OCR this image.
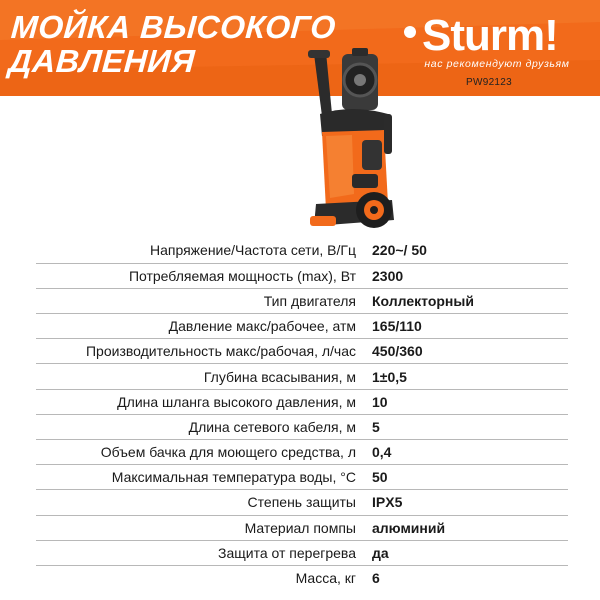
МОЙКА ВЫСОКОГО
ДАВЛЕНИЯ
Sturm!
нас рекомендуют друзьям
PW92123
Напряжение/Частота сети, В/Гц	220~/ 50
Потребляемая мощность (max), Вт	2300
Тип двигателя	Коллекторный
Давление макс/рабочее, атм	165/110
Производительность макс/рабочая, л/час	450/360
Глубина всасывания, м	1±0,5
Длина шланга высокого давления, м	10
Длина сетевого кабеля, м	5
Объем бачка для моющего средства, л	0,4
Максимальная температура воды, °С	50
Степень защиты	IPX5
Материал помпы	алюминий
Защита от перегрева	да
Масса, кг	6
